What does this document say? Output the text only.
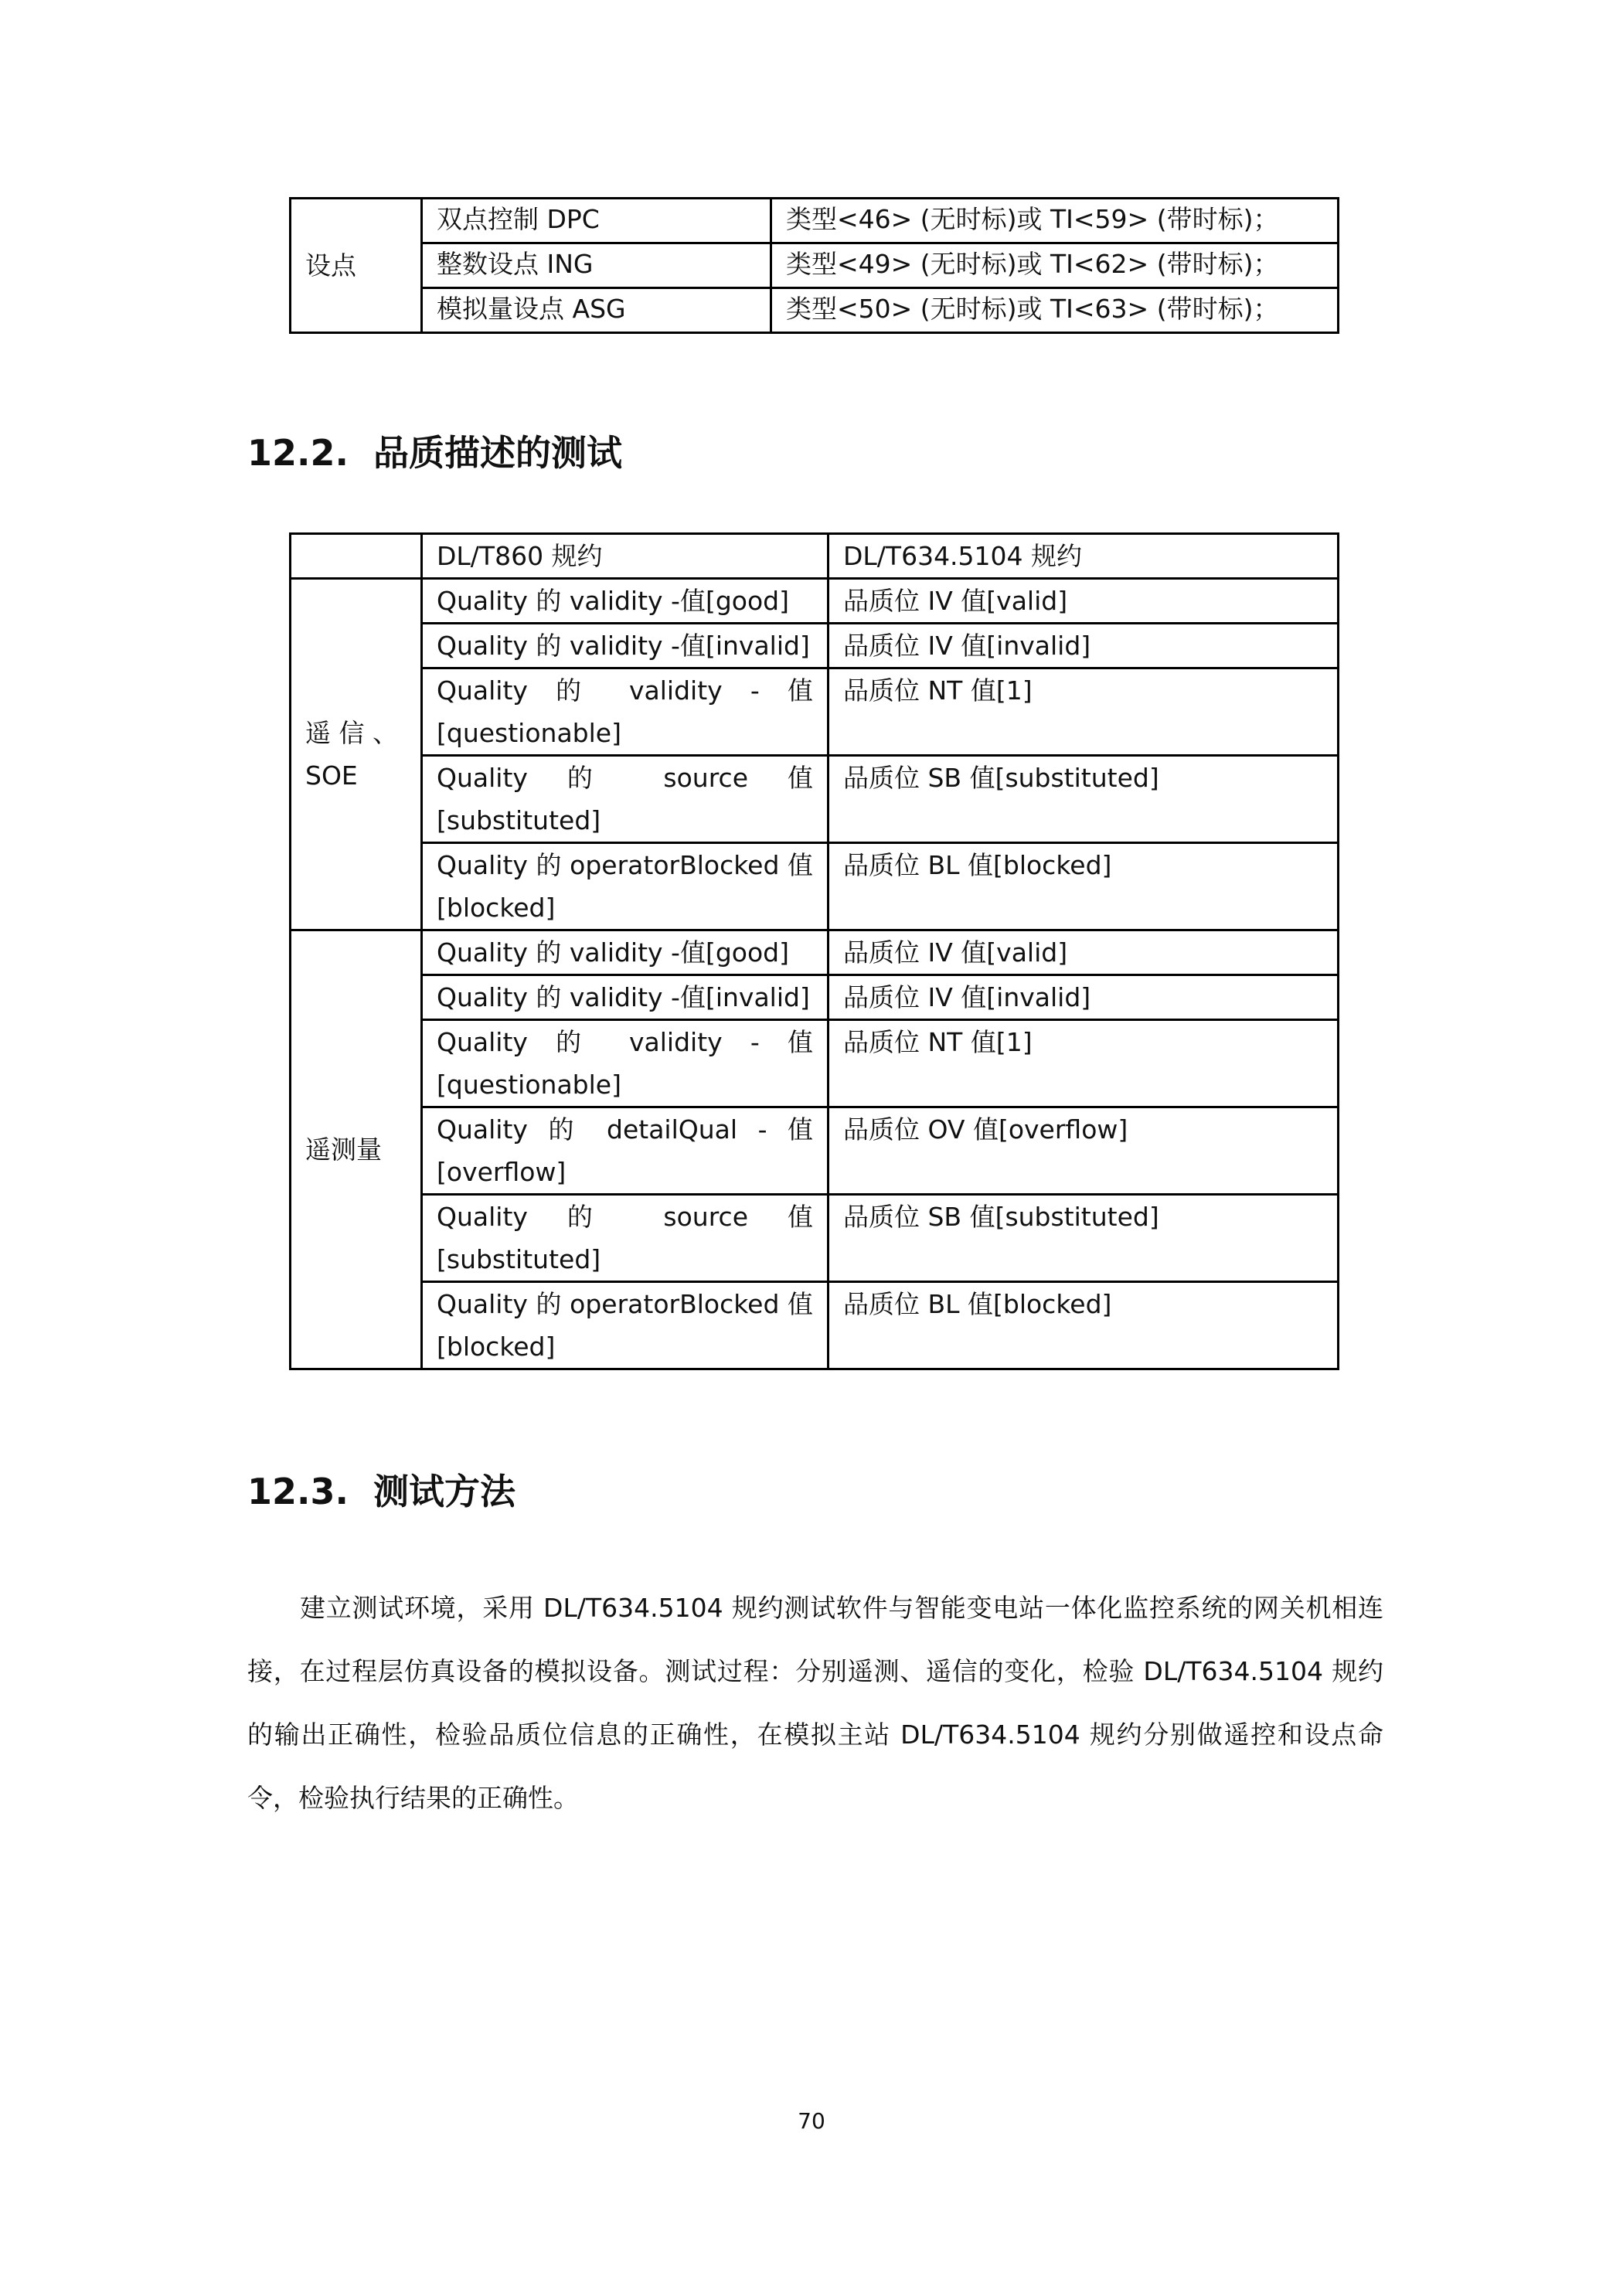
设点	双点控制 DPC	类型<46> (无时标)或 TI<59> (带时标)；
	整数设点 ING	类型<49> (无时标)或 TI<62> (带时标)；
	模拟量设点 ASG	类型<50> (无时标)或 TI<63> (带时标)；
12.2. 品质描述的测试
	DL/T860 规约	DL/T634.5104 规约
遥 信 、 SOE	Quality 的 validity -值[good]	品质位 IV 值[valid]
	Quality 的 validity -值[invalid]	品质位 IV 值[invalid]
	Quality 的 validity - 值 [questionable]	品质位 NT 值[1]
	Quality 的 source 值 [substituted]	品质位 SB 值[substituted]
	Quality 的 operatorBlocked 值 [blocked]	品质位 BL 值[blocked]
遥测量	Quality 的 validity -值[good]	品质位 IV 值[valid]
	Quality 的 validity -值[invalid]	品质位 IV 值[invalid]
	Quality 的 validity - 值 [questionable]	品质位 NT 值[1]
	Quality 的 detailQual - 值 [overflow]	品质位 OV 值[overflow]
	Quality 的 source 值 [substituted]	品质位 SB 值[substituted]
	Quality 的 operatorBlocked 值 [blocked]	品质位 BL 值[blocked]
12.3. 测试方法

建立测试环境，采用 DL/T634.5104 规约测试软件与智能变电站一体化监控系统的网关机相连接，在过程层仿真设备的模拟设备。测试过程：分别遥测、遥信的变化，检验 DL/T634.5104 规约的输出正确性，检验品质位信息的正确性，在模拟主站 DL/T634.5104 规约分别做遥控和设点命令，检验执行结果的正确性。

70
